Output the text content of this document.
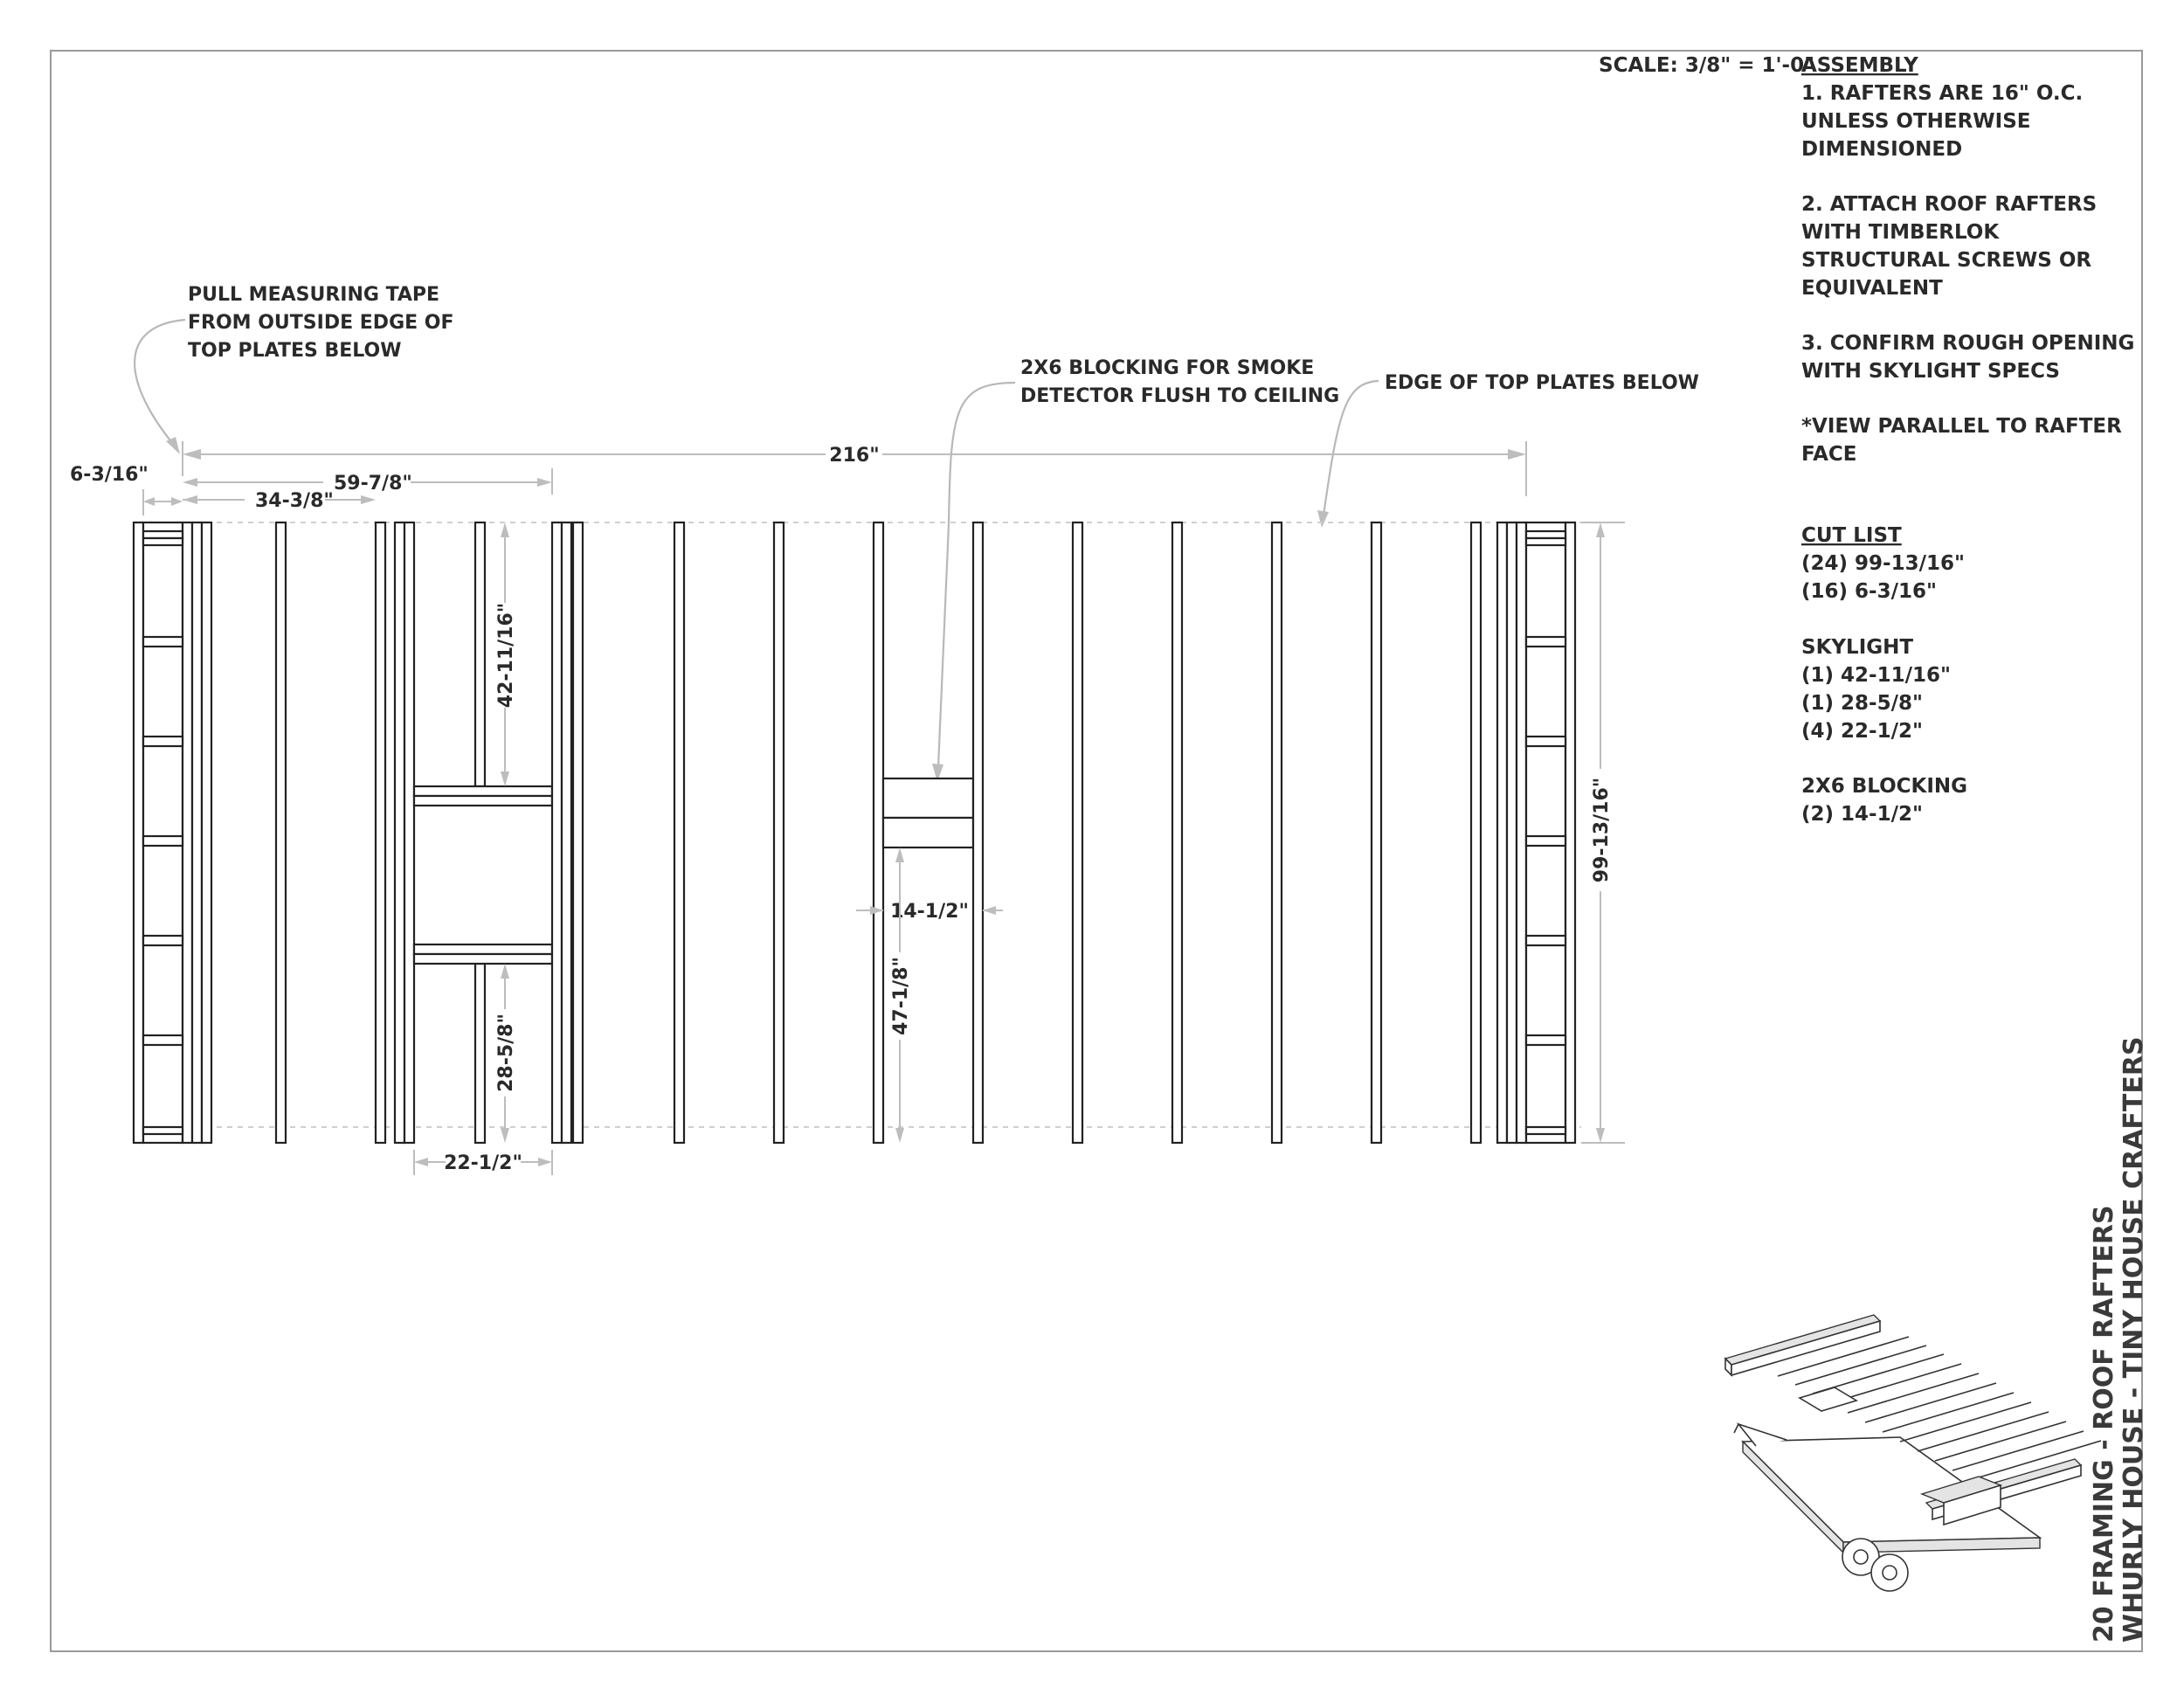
SCALE: 3/8" = 1'-0"
ASSEMBLY
1. RAFTERS ARE 16" O.C.
UNLESS OTHERWISE
DIMENSIONED
2. ATTACH ROOF RAFTERS
WITH TIMBERLOK
STRUCTURAL SCREWS OR
EQUIVALENT
3. CONFIRM ROUGH OPENING
WITH SKYLIGHT SPECS
*VIEW PARALLEL TO RAFTER
FACE
CUT LIST
(24) 99-13/16"
(16) 6-3/16"
SKYLIGHT
(1) 42-11/16"
(1) 28-5/8"
(4) 22-1/2"
2X6 BLOCKING
(2) 14-1/2"
PULL MEASURING TAPE
FROM OUTSIDE EDGE OF
TOP PLATES BELOW
2X6 BLOCKING FOR SMOKE
DETECTOR FLUSH TO CEILING
EDGE OF TOP PLATES BELOW
216"
6-3/16"
34-3/8"
59-7/8"
42-11/16"
28-5/8"
22-1/2"
14-1/2"
47-1/8"
99-13/16"
20 FRAMING - ROOF RAFTERS WHURLY HOUSE - TINY HOUSE CRAFTERS
